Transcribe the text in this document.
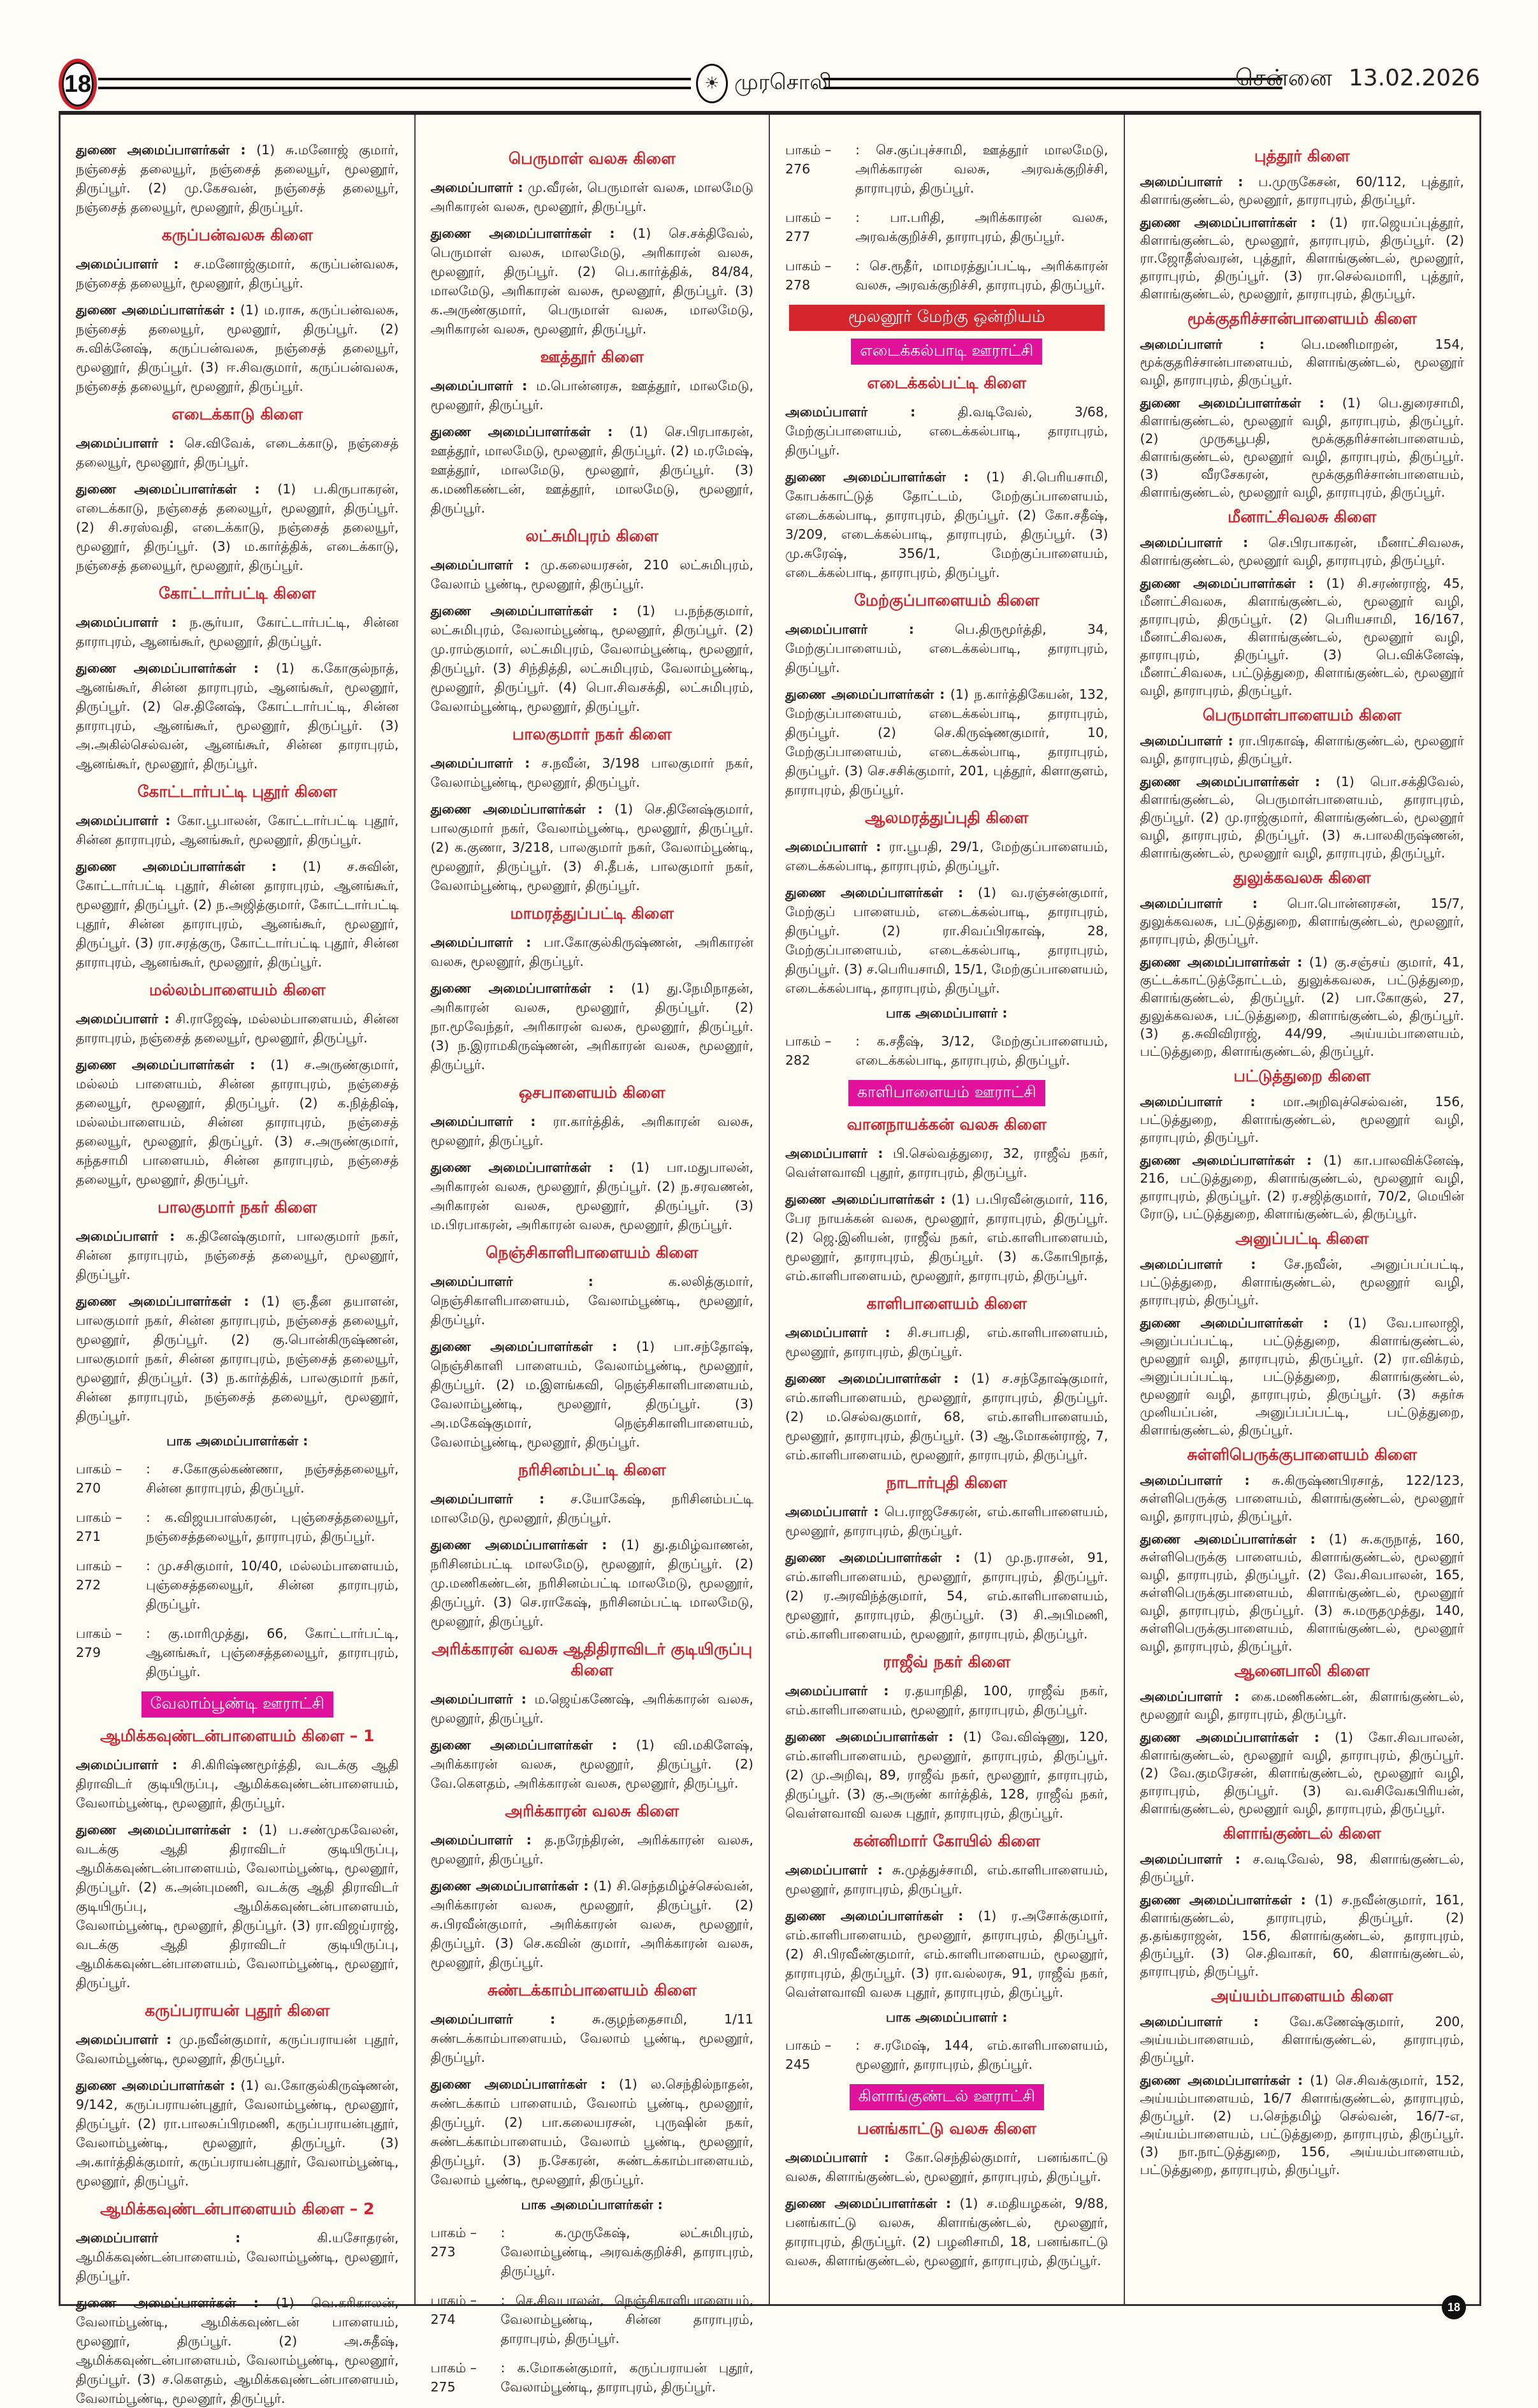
18	☀ முரசொலி	சென்னை 13.02.2026

துணை அமைப்பாளர்கள் : (1) சு.மனோஜ் குமார், நஞ்சைத் தலையூர், நஞ்சைத் தலையூர், மூலனூர், திருப்பூர். (2) மு.கேசவன், நஞ்சைத் தலையூர், நஞ்சைத் தலையூர், மூலனூர், திருப்பூர்.

கருப்பன்வலசு கிளை

அமைப்பாளர் : ச.மனோஜ்குமார், கருப்பன்வலசு, நஞ்சைத் தலையூர், மூலனூர், திருப்பூர்.

துணை அமைப்பாளர்கள் : (1) ம.ராசு, கருப்பன்வலசு, நஞ்சைத் தலையூர், மூலனூர், திருப்பூர். (2) சு.விக்னேஷ், கருப்பன்வலசு, நஞ்சைத் தலையூர், மூலனூர், திருப்பூர். (3) ஈ.சிவகுமார், கருப்பன்வலசு, நஞ்சைத் தலையூர், மூலனூர், திருப்பூர்.

எடைக்காடு கிளை

அமைப்பாளர் : செ.விவேக், எடைக்காடு, நஞ்சைத் தலையூர், மூலனூர், திருப்பூர்.

துணை அமைப்பாளர்கள் : (1) ப.கிருபாகரன், எடைக்காடு, நஞ்சைத் தலையூர், மூலனூர், திருப்பூர். (2) சி.சரஸ்வதி, எடைக்காடு, நஞ்சைத் தலையூர், மூலனூர், திருப்பூர். (3) ம.கார்த்திக், எடைக்காடு, நஞ்சைத் தலையூர், மூலனூர், திருப்பூர்.

கோட்டார்பட்டி கிளை

அமைப்பாளர் : ந.சூர்யா, கோட்டார்பட்டி, சின்ன தாராபுரம், ஆனங்கூர், மூலனூர், திருப்பூர்.

துணை அமைப்பாளர்கள் : (1) க.கோகுல்நாத், ஆனங்கூர், சின்ன தாராபுரம், ஆனங்கூர், மூலனூர், திருப்பூர். (2) செ.தினேஷ், கோட்டார்பட்டி, சின்ன தாராபுரம், ஆனங்கூர், மூலனூர், திருப்பூர். (3) அ.அகில்செல்வன், ஆனங்கூர், சின்ன தாராபுரம், ஆனங்கூர், மூலனூர், திருப்பூர்.

கோட்டார்பட்டி புதூர் கிளை

அமைப்பாளர் : கோ.பூபாலன், கோட்டார்பட்டி புதூர், சின்ன தாராபுரம், ஆனங்கூர், மூலனூர், திருப்பூர்.

துணை அமைப்பாளர்கள் : (1) ச.சுவின், கோட்டார்பட்டி புதூர், சின்ன தாராபுரம், ஆனங்கூர், மூலனூர், திருப்பூர். (2) ந.அஜித்குமார், கோட்டார்பட்டி புதூர், சின்ன தாராபுரம், ஆனங்கூர், மூலனூர், திருப்பூர். (3) ரா.சரத்குரு, கோட்டார்பட்டி புதூர், சின்ன தாராபுரம், ஆனங்கூர், மூலனூர், திருப்பூர்.

மல்லம்பாளையம் கிளை

அமைப்பாளர் : சி.ராஜேஷ், மல்லம்பாளையம், சின்ன தாராபுரம், நஞ்சைத் தலையூர், மூலனூர், திருப்பூர்.

துணை அமைப்பாளர்கள் : (1) ச.அருண்குமார், மல்லம் பாளையம், சின்ன தாராபுரம், நஞ்சைத் தலையூர், மூலனூர், திருப்பூர். (2) க.நித்திஷ், மல்லம்பாளையம், சின்ன தாராபுரம், நஞ்சைத் தலையூர், மூலனூர், திருப்பூர். (3) ச.அருண்குமார், கந்தசாமி பாளையம், சின்ன தாராபுரம், நஞ்சைத் தலையூர், மூலனூர், திருப்பூர்.

பாலகுமார் நகர் கிளை

அமைப்பாளர் : க.தினேஷ்குமார், பாலகுமார் நகர், சின்ன தாராபுரம், நஞ்சைத் தலையூர், மூலனூர், திருப்பூர்.

துணை அமைப்பாளர்கள் : (1) ஞ.தீன தயாளன், பாலகுமார் நகர், சின்ன தாராபுரம், நஞ்சைத் தலையூர், மூலனூர், திருப்பூர். (2) கு.பொன்கிருஷ்ணன், பாலகுமார் நகர், சின்ன தாராபுரம், நஞ்சைத் தலையூர், மூலனூர், திருப்பூர். (3) ந.கார்த்திக், பாலகுமார் நகர், சின்ன தாராபுரம், நஞ்சைத் தலையூர், மூலனூர், திருப்பூர்.

பாக அமைப்பாளர்கள் :
பாகம் – 270
: ச.கோகுல்கண்ணா, நஞ்சத்தலையூர், சின்ன தாராபுரம், திருப்பூர்.
பாகம் – 271
: க.விஜயபாஸ்கரன், புஞ்சைத்தலையூர், நஞ்சைத்தலையூர், தாராபுரம், திருப்பூர்.
பாகம் – 272
: மு.சசிகுமார், 10/40, மல்லம்பாளையம், புஞ்சைத்தலையூர், சின்ன தாராபுரம், திருப்பூர்.
பாகம் – 279
: கு.மாரிமுத்து, 66, கோட்டார்பட்டி, ஆனங்கூர், புஞ்சைத்தலையூர், தாராபுரம், திருப்பூர்.
வேலாம்பூண்டி ஊராட்சி
ஆமிக்கவுண்டன்பாளையம் கிளை – 1

அமைப்பாளர் : சி.கிரிஷ்ணமூர்த்தி, வடக்கு ஆதி திராவிடர் குடியிருப்பு, ஆமிக்கவுண்டன்பாளையம், வேலாம்பூண்டி, மூலனூர், திருப்பூர்.

துணை அமைப்பாளர்கள் : (1) ப.சண்முகவேலன், வடக்கு ஆதி திராவிடர் குடியிருப்பு, ஆமிக்கவுண்டன்பாளையம், வேலாம்பூண்டி, மூலனூர், திருப்பூர். (2) க.அன்புமணி, வடக்கு ஆதி திராவிடர் குடியிருப்பு, ஆமிக்கவுண்டன்பாளையம், வேலாம்பூண்டி, மூலனூர், திருப்பூர். (3) ரா.விஜய்ராஜ், வடக்கு ஆதி திராவிடர் குடியிருப்பு, ஆமிக்கவுண்டன்பாளையம், வேலாம்பூண்டி, மூலனூர், திருப்பூர்.

கருப்பராயன் புதூர் கிளை

அமைப்பாளர் : மு.நவீன்குமார், கருப்பராயன் புதூர், வேலாம்பூண்டி, மூலனூர், திருப்பூர்.

துணை அமைப்பாளர்கள் : (1) வ.கோகுல்கிருஷ்ணன், 9/142, கருப்பராயன்புதூர், வேலாம்பூண்டி, மூலனூர், திருப்பூர். (2) ரா.பாலசுப்பிரமணி, கருப்பராயன்புதூர், வேலாம்பூண்டி, மூலனூர், திருப்பூர். (3) அ.கார்த்திக்குமார், கருப்பராயன்புதூர், வேலாம்பூண்டி, மூலனூர், திருப்பூர்.

ஆமிக்கவுண்டன்பாளையம் கிளை – 2

அமைப்பாளர் : கி.யசோதரன், ஆமிக்கவுண்டன்பாளையம், வேலாம்பூண்டி, மூலனூர், திருப்பூர்.

துணை அமைப்பாளர்கள் : (1) வெ.கரிகாலன், வேலாம்பூண்டி, ஆமிக்கவுண்டன் பாளையம், மூலனூர், திருப்பூர். (2) அ.சுதீஷ், ஆமிக்கவுண்டன்பாளையம், வேலாம்பூண்டி, மூலனூர், திருப்பூர். (3) ச.கௌதம், ஆமிக்கவுண்டன்பாளையம், வேலாம்பூண்டி, மூலனூர், திருப்பூர்.

பெருமாள் வலசு கிளை

அமைப்பாளர் : மு.வீரன், பெருமாள் வலசு, மாலமேடு அரிகாரன் வலசு, மூலனூர், திருப்பூர்.

துணை அமைப்பாளர்கள் : (1) செ.சக்திவேல், பெருமாள் வலசு, மாலமேடு, அரிகாரன் வலசு, மூலனூர், திருப்பூர். (2) பெ.கார்த்திக், 84/84, மாலமேடு, அரிகாரன் வலசு, மூலனூர், திருப்பூர். (3) க.அருண்குமார், பெருமாள் வலசு, மாலமேடு, அரிகாரன் வலசு, மூலனூர், திருப்பூர்.

ஊத்தூர் கிளை

அமைப்பாளர் : ம.பொன்னரசு, ஊத்தூர், மாலமேடு, மூலனூர், திருப்பூர்.

துணை அமைப்பாளர்கள் : (1) செ.பிரபாகரன், ஊத்தூர், மாலமேடு, மூலனூர், திருப்பூர். (2) ம.ரமேஷ், ஊத்தூர், மாலமேடு, மூலனூர், திருப்பூர். (3) க.மணிகண்டன், ஊத்தூர், மாலமேடு, மூலனூர், திருப்பூர்.

லட்சுமிபுரம் கிளை

அமைப்பாளர் : மு.கலையரசன், 210 லட்சுமிபுரம், வேலாம் பூண்டி, மூலனூர், திருப்பூர்.

துணை அமைப்பாளர்கள் : (1) ப.நந்தகுமார், லட்சுமிபுரம், வேலாம்பூண்டி, மூலனூர், திருப்பூர். (2) மு.ராம்குமார், லட்சுமிபுரம், வேலாம்பூண்டி, மூலனூர், திருப்பூர். (3) சிந்தித்தி, லட்சுமிபுரம், வேலாம்பூண்டி, மூலனூர், திருப்பூர். (4) பொ.சிவசக்தி, லட்சுமிபுரம், வேலாம்பூண்டி, மூலனூர், திருப்பூர்.

பாலகுமார் நகர் கிளை

அமைப்பாளர் : ச.நவீன், 3/198 பாலகுமார் நகர், வேலாம்பூண்டி, மூலனூர், திருப்பூர்.

துணை அமைப்பாளர்கள் : (1) செ.தினேஷ்குமார், பாலகுமார் நகர், வேலாம்பூண்டி, மூலனூர், திருப்பூர். (2) க.குணா, 3/218, பாலகுமார் நகர், வேலாம்பூண்டி, மூலனூர், திருப்பூர். (3) சி.தீபக், பாலகுமார் நகர், வேலாம்பூண்டி, மூலனூர், திருப்பூர்.

மாமரத்துப்பட்டி கிளை

அமைப்பாளர் : பா.கோகுல்கிருஷ்ணன், அரிகாரன் வலசு, மூலனூர், திருப்பூர்.

துணை அமைப்பாளர்கள் : (1) து.நேமிநாதன், அரிகாரன் வலசு, மூலனூர், திருப்பூர். (2) நா.மூவேந்தர், அரிகாரன் வலசு, மூலனூர், திருப்பூர். (3) ந.இராமகிருஷ்ணன், அரிகாரன் வலசு, மூலனூர், திருப்பூர்.

ஒசபாளையம் கிளை

அமைப்பாளர் : ரா.கார்த்திக், அரிகாரன் வலசு, மூலனூர், திருப்பூர்.

துணை அமைப்பாளர்கள் : (1) பா.மதுபாலன், அரிகாரன் வலசு, மூலனூர், திருப்பூர். (2) ந.சரவணன், அரிகாரன் வலசு, மூலனூர், திருப்பூர். (3) ம.பிரபாகரன், அரிகாரன் வலசு, மூலனூர், திருப்பூர்.

நெஞ்சிகாளிபாளையம் கிளை

அமைப்பாளர் : க.லலித்குமார், நெஞ்சிகாளிபாளையம், வேலாம்பூண்டி, மூலனூர், திருப்பூர்.

துணை அமைப்பாளர்கள் : (1) பா.சந்தோஷ், நெஞ்சிகாளி பாளையம், வேலாம்பூண்டி, மூலனூர், திருப்பூர். (2) ம.இளங்கவி, நெஞ்சிகாளிபாளையம், வேலாம்பூண்டி, மூலனூர், திருப்பூர். (3) அ.மகேஷ்குமார், நெஞ்சிகாளிபாளையம், வேலாம்பூண்டி, மூலனூர், திருப்பூர்.

நரிசினம்பட்டி கிளை

அமைப்பாளர் : ச.யோகேஷ், நரிசினம்பட்டி மாலமேடு, மூலனூர், திருப்பூர்.

துணை அமைப்பாளர்கள் : (1) து.தமிழ்வாணன், நரிசினம்பட்டி மாலமேடு, மூலனூர், திருப்பூர். (2) மு.மணிகண்டன், நரிசினம்பட்டி மாலமேடு, மூலனூர், திருப்பூர். (3) செ.ராகேஷ், நரிசினம்பட்டி மாலமேடு, மூலனூர், திருப்பூர்.

அரிக்காரன் வலசு ஆதிதிராவிடர் குடியிருப்பு கிளை

அமைப்பாளர் : ம.ஜெய்கணேஷ், அரிக்காரன் வலசு, மூலனூர், திருப்பூர்.

துணை அமைப்பாளர்கள் : (1) வி.மகிளேஷ், அரிக்காரன் வலசு, மூலனூர், திருப்பூர். (2) வே.கௌதம், அரிக்காரன் வலசு, மூலனூர், திருப்பூர்.

அரிக்காரன் வலசு கிளை

அமைப்பாளர் : த.நரேந்திரன், அரிக்காரன் வலசு, மூலனூர், திருப்பூர்.

துணை அமைப்பாளர்கள் : (1) சி.செந்தமிழ்ச்செல்வன், அரிக்காரன் வலசு, மூலனூர், திருப்பூர். (2) சு.பிரவீன்குமார், அரிக்காரன் வலசு, மூலனூர், திருப்பூர். (3) செ.கவின் குமார், அரிக்காரன் வலசு, மூலனூர், திருப்பூர்.

சுண்டக்காம்பாளையம் கிளை

அமைப்பாளர் : சு.குழந்தைசாமி, 1/11 சுண்டக்காம்பாளையம், வேலாம் பூண்டி, மூலனூர், திருப்பூர்.

துணை அமைப்பாளர்கள் : (1) ல.செந்தில்நாதன், சுண்டக்காம் பாளையம், வேலாம் பூண்டி, மூலனூர், திருப்பூர். (2) பா.கலையரசன், புருஷின் நகர், சுண்டக்காம்பாளையம், வேலாம் பூண்டி, மூலனூர், திருப்பூர். (3) ந.சேகரன், சுண்டக்காம்பாளையம், வேலாம் பூண்டி, மூலனூர், திருப்பூர்.

பாக அமைப்பாளர்கள் :
பாகம் – 273
: க.முருகேஷ், லட்சுமிபுரம், வேலாம்பூண்டி, அரவக்குறிச்சி, தாராபுரம், திருப்பூர்.
பாகம் – 274
: செ.சிவபாலன், நெஞ்சிகாளிபாளையம், வேலாம்பூண்டி, சின்ன தாராபுரம், தாராபுரம், திருப்பூர்.
பாகம் – 275
: க.மோகன்குமார், கருப்பராயன் புதூர், வேலாம்பூண்டி, தாராபுரம், திருப்பூர்.
பாகம் – 276
: செ.குப்புச்சாமி, ஊத்தூர் மாலமேடு, அரிக்காரன் வலசு, அரவக்குறிச்சி, தாராபுரம், திருப்பூர்.
பாகம் – 277
: பா.பரிதி, அரிக்காரன் வலசு, அரவக்குறிச்சி, தாராபுரம், திருப்பூர்.
பாகம் – 278
: செ.ரூதீர், மாமரத்துப்பட்டி, அரிக்காரன் வலசு, அரவக்குறிச்சி, தாராபுரம், திருப்பூர்.
மூலனூர் மேற்கு ஒன்றியம்
எடைக்கல்பாடி ஊராட்சி
எடைக்கல்பட்டி கிளை

அமைப்பாளர் : தி.வடிவேல், 3/68, மேற்குப்பாளையம், எடைக்கல்பாடி, தாராபுரம், திருப்பூர்.

துணை அமைப்பாளர்கள் : (1) சி.பெரியசாமி, கோபக்காட்டுத் தோட்டம், மேற்குப்பாளையம், எடைக்கல்பாடி, தாராபுரம், திருப்பூர். (2) கோ.சதீஷ், 3/209, எடைக்கல்பாடி, தாராபுரம், திருப்பூர். (3) மு.சுரேஷ், 356/1, மேற்குப்பாளையம், எடைக்கல்பாடி, தாராபுரம், திருப்பூர்.

மேற்குப்பாளையம் கிளை

அமைப்பாளர் : பெ.திருமூர்த்தி, 34, மேற்குப்பாளையம், எடைக்கல்பாடி, தாராபுரம், திருப்பூர்.

துணை அமைப்பாளர்கள் : (1) ந.கார்த்திகேயன், 132, மேற்குப்பாளையம், எடைக்கல்பாடி, தாராபுரம், திருப்பூர். (2) செ.கிருஷ்ணகுமார், 10, மேற்குப்பாளையம், எடைக்கல்பாடி, தாராபுரம், திருப்பூர். (3) செ.சசிக்குமார், 201, புத்தூர், கிளாகுளம், தாராபுரம், திருப்பூர்.

ஆலமரத்துப்புதி கிளை

அமைப்பாளர் : ரா.பூபதி, 29/1, மேற்குப்பாளையம், எடைக்கல்பாடி, தாராபுரம், திருப்பூர்.

துணை அமைப்பாளர்கள் : (1) வ.ரஞ்சன்குமார், மேற்குப் பாளையம், எடைக்கல்பாடி, தாராபுரம், திருப்பூர். (2) ரா.சிவப்பிரகாஷ், 28, மேற்குப்பாளையம், எடைக்கல்பாடி, தாராபுரம், திருப்பூர். (3) ச.பெரியசாமி, 15/1, மேற்குப்பாளையம், எடைக்கல்பாடி, தாராபுரம், திருப்பூர்.

பாக அமைப்பாளர் :
பாகம் – 282
: க.சதீஷ், 3/12, மேற்குப்பாளையம், எடைக்கல்பாடி, தாராபுரம், திருப்பூர்.
காளிபாளையம் ஊராட்சி
வானநாயக்கன் வலசு கிளை

அமைப்பாளர் : பி.செல்வத்துரை, 32, ராஜீவ் நகர், வெள்ளவாவி புதூர், தாராபுரம், திருப்பூர்.

துணை அமைப்பாளர்கள் : (1) ப.பிரவீன்குமார், 116, பேர நாயக்கன் வலசு, மூலனூர், தாராபுரம், திருப்பூர். (2) ஜெ.இனியன், ராஜீவ் நகர், எம்.காளிபாளையம், மூலனூர், தாராபுரம், திருப்பூர். (3) க.கோபிநாத், எம்.காளிபாளையம், மூலனூர், தாராபுரம், திருப்பூர்.

காளிபாளையம் கிளை

அமைப்பாளர் : சி.சபாபதி, எம்.காளிபாளையம், மூலனூர், தாராபுரம், திருப்பூர்.

துணை அமைப்பாளர்கள் : (1) ச.சந்தோஷ்குமார், எம்.காளிபாளையம், மூலனூர், தாராபுரம், திருப்பூர். (2) ம.செல்வகுமார், 68, எம்.காளிபாளையம், மூலனூர், தாராபுரம், திருப்பூர். (3) ஆ.மோகன்ராஜ், 7, எம்.காளிபாளையம், மூலனூர், தாராபுரம், திருப்பூர்.

நாடார்புதி கிளை

அமைப்பாளர் : பெ.ராஜசேகரன், எம்.காளிபாளையம், மூலனூர், தாராபுரம், திருப்பூர்.

துணை அமைப்பாளர்கள் : (1) மு.ந.ராசன், 91, எம்.காளிபாளையம், மூலனூர், தாராபுரம், திருப்பூர். (2) ர.அரவிந்த்குமார், 54, எம்.காளிபாளையம், மூலனூர், தாராபுரம், திருப்பூர். (3) சி.அபிமணி, எம்.காளிபாளையம், மூலனூர், தாராபுரம், திருப்பூர்.

ராஜீவ் நகர் கிளை

அமைப்பாளர் : ர.தயாநிதி, 100, ராஜீவ் நகர், எம்.காளிபாளையம், மூலனூர், தாராபுரம், திருப்பூர்.

துணை அமைப்பாளர்கள் : (1) வே.விஷ்ணு, 120, எம்.காளிபாளையம், மூலனூர், தாராபுரம், திருப்பூர். (2) மு.அறிவு, 89, ராஜீவ் நகர், மூலனூர், தாராபுரம், திருப்பூர். (3) கு.அருண் கார்த்திக், 128, ராஜீவ் நகர், வெள்ளவாவி வலசு புதூர், தாராபுரம், திருப்பூர்.

கன்னிமார் கோயில் கிளை

அமைப்பாளர் : சு.முத்துச்சாமி, எம்.காளிபாளையம், மூலனூர், தாராபுரம், திருப்பூர்.

துணை அமைப்பாளர்கள் : (1) ர.அசோக்குமார், எம்.காளிபாளையம், மூலனூர், தாராபுரம், திருப்பூர். (2) சி.பிரவீண்குமார், எம்.காளிபாளையம், மூலனூர், தாராபுரம், திருப்பூர். (3) ரா.வல்லரசு, 91, ராஜீவ் நகர், வெள்ளவாவி வலசு புதூர், தாராபுரம், திருப்பூர்.

பாக அமைப்பாளர் :
பாகம் – 245
: ச.ரமேஷ், 144, எம்.காளிபாளையம், மூலனூர், தாராபுரம், திருப்பூர்.
கிளாங்குண்டல் ஊராட்சி
பனங்காட்டு வலசு கிளை

அமைப்பாளர் : கோ.செந்தில்குமார், பனங்காட்டு வலசு, கிளாங்குண்டல், மூலனூர், தாராபுரம், திருப்பூர்.

துணை அமைப்பாளர்கள் : (1) ச.மதியழகன், 9/88, பனங்காட்டு வலசு, கிளாங்குண்டல், மூலனூர், தாராபுரம், திருப்பூர். (2) பழனிசாமி, 18, பனங்காட்டு வலசு, கிளாங்குண்டல், மூலனூர், தாராபுரம், திருப்பூர்.

புத்தூர் கிளை

அமைப்பாளர் : ப.முருகேசன், 60/112, புத்தூர், கிளாங்குண்டல், மூலனூர், தாராபுரம், திருப்பூர்.

துணை அமைப்பாளர்கள் : (1) ரா.ஜெயப்புத்தூர், கிளாங்குண்டல், மூலனூர், தாராபுரம், திருப்பூர். (2) ரா.ஜோதீஸ்வரன், புத்தூர், கிளாங்குண்டல், மூலனூர், தாராபுரம், திருப்பூர். (3) ரா.செல்வமாரி, புத்தூர், கிளாங்குண்டல், மூலனூர், தாராபுரம், திருப்பூர்.

மூக்குதரிச்சான்பாளையம் கிளை

அமைப்பாளர் : பெ.மணிமாறன், 154, மூக்குதரிச்சான்பாளையம், கிளாங்குண்டல், மூலனூர் வழி, தாராபுரம், திருப்பூர்.

துணை அமைப்பாளர்கள் : (1) பெ.துரைசாமி, கிளாங்குண்டல், மூலனூர் வழி, தாராபுரம், திருப்பூர். (2) முருகபூபதி, மூக்குதரிச்சான்பாளையம், கிளாங்குண்டல், மூலனூர் வழி, தாராபுரம், திருப்பூர். (3) வீரசேகரன், மூக்குதரிச்சான்பாளையம், கிளாங்குண்டல், மூலனூர் வழி, தாராபுரம், திருப்பூர்.

மீனாட்சிவலசு கிளை

அமைப்பாளர் : செ.பிரபாகரன், மீனாட்சிவலசு, கிளாங்குண்டல், மூலனூர் வழி, தாராபுரம், திருப்பூர்.

துணை அமைப்பாளர்கள் : (1) சி.சரண்ராஜ், 45, மீனாட்சிவலசு, கிளாங்குண்டல், மூலனூர் வழி, தாராபுரம், திருப்பூர். (2) பெரியசாமி, 16/167, மீனாட்சிவலசு, கிளாங்குண்டல், மூலனூர் வழி, தாராபுரம், திருப்பூர். (3) பெ.விக்னேஷ், மீனாட்சிவலசு, பட்டுத்துறை, கிளாங்குண்டல், மூலனூர் வழி, தாராபுரம், திருப்பூர்.

பெருமாள்பாளையம் கிளை

அமைப்பாளர் : ரா.பிரகாஷ், கிளாங்குண்டல், மூலனூர் வழி, தாராபுரம், திருப்பூர்.

துணை அமைப்பாளர்கள் : (1) பொ.சக்திவேல், கிளாங்குண்டல், பெருமாள்பாளையம், தாராபுரம், திருப்பூர். (2) மு.ராஜ்குமார், கிளாங்குண்டல், மூலனூர் வழி, தாராபுரம், திருப்பூர். (3) சு.பாலகிருஷ்ணன், கிளாங்குண்டல், மூலனூர் வழி, தாராபுரம், திருப்பூர்.

துலுக்கவலசு கிளை

அமைப்பாளர் : பொ.பொன்னரசன், 15/7, துலுக்கவலசு, பட்டுத்துறை, கிளாங்குண்டல், மூலனூர், தாராபுரம், திருப்பூர்.

துணை அமைப்பாளர்கள் : (1) கு.சஞ்சய் குமார், 41, குட்டக்காட்டுத்தோட்டம், துலுக்கவலசு, பட்டுத்துறை, கிளாங்குண்டல், திருப்பூர். (2) பா.கோகுல், 27, துலுக்கவலசு, பட்டுத்துறை, கிளாங்குண்டல், திருப்பூர். (3) த.சுவிவிராஜ், 44/99, அய்யம்பாளையம், பட்டுத்துறை, கிளாங்குண்டல், திருப்பூர்.

பட்டுத்துறை கிளை

அமைப்பாளர் : மா.அறிவுச்செல்வன், 156, பட்டுத்துறை, கிளாங்குண்டல், மூலனூர் வழி, தாராபுரம், திருப்பூர்.

துணை அமைப்பாளர்கள் : (1) கா.பாலவிக்னேஷ், 216, பட்டுத்துறை, கிளாங்குண்டல், மூலனூர் வழி, தாராபுரம், திருப்பூர். (2) ர.சஜித்குமார், 70/2, மெயின் ரோடு, பட்டுத்துறை, கிளாங்குண்டல், திருப்பூர்.

அனுப்பட்டி கிளை

அமைப்பாளர் : சே.நவீன், அனுப்பப்பட்டி, பட்டுத்துறை, கிளாங்குண்டல், மூலனூர் வழி, தாராபுரம், திருப்பூர்.

துணை அமைப்பாளர்கள் : (1) வே.பாலாஜி, அனுப்பப்பட்டி, பட்டுத்துறை, கிளாங்குண்டல், மூலனூர் வழி, தாராபுரம், திருப்பூர். (2) ரா.விக்ரம், அனுப்பப்பட்டி, பட்டுத்துறை, கிளாங்குண்டல், மூலனூர் வழி, தாராபுரம், திருப்பூர். (3) சுதர்சு முனியப்பன், அனுப்பப்பட்டி, பட்டுத்துறை, கிளாங்குண்டல், திருப்பூர்.

சுள்ளிபெருக்குபாளையம் கிளை

அமைப்பாளர் : சு.கிருஷ்ணபிரசாத், 122/123, சுள்ளிபெருக்கு பாளையம், கிளாங்குண்டல், மூலனூர் வழி, தாராபுரம், திருப்பூர்.

துணை அமைப்பாளர்கள் : (1) சு.கருநாத், 160, சுள்ளிபெருக்கு பாளையம், கிளாங்குண்டல், மூலனூர் வழி, தாராபுரம், திருப்பூர். (2) வே.சிவபாலன், 165, சுள்ளிபெருக்குபாளையம், கிளாங்குண்டல், மூலனூர் வழி, தாராபுரம், திருப்பூர். (3) சு.மருதமுத்து, 140, சுள்ளிபெருக்குபாளையம், கிளாங்குண்டல், மூலனூர் வழி, தாராபுரம், திருப்பூர்.

ஆனைபாலி கிளை

அமைப்பாளர் : கை.மணிகண்டன், கிளாங்குண்டல், மூலனூர் வழி, தாராபுரம், திருப்பூர்.

துணை அமைப்பாளர்கள் : (1) கோ.சிவபாலன், கிளாங்குண்டல், மூலனூர் வழி, தாராபுரம், திருப்பூர். (2) வே.குமரேசன், கிளாங்குண்டல், மூலனூர் வழி, தாராபுரம், திருப்பூர். (3) வ.வசிவேகபிரியன், கிளாங்குண்டல், மூலனூர் வழி, தாராபுரம், திருப்பூர்.

கிளாங்குண்டல் கிளை

அமைப்பாளர் : ச.வடிவேல், 98, கிளாங்குண்டல், திருப்பூர்.

துணை அமைப்பாளர்கள் : (1) ச.நவீன்குமார், 161, கிளாங்குண்டல், தாராபுரம், திருப்பூர். (2) த.தங்கராஜன், 156, கிளாங்குண்டல், தாராபுரம், திருப்பூர். (3) செ.திவாகர், 60, கிளாங்குண்டல், தாராபுரம், திருப்பூர்.

அய்யம்பாளையம் கிளை

அமைப்பாளர் : வே.கணேஷ்குமார், 200, அய்யம்பாளையம், கிளாங்குண்டல், தாராபுரம், திருப்பூர்.

துணை அமைப்பாளர்கள் : (1) செ.சிவக்குமார், 152, அய்யம்பாளையம், 16/7 கிளாங்குண்டல், தாராபுரம், திருப்பூர். (2) ப.செந்தமிழ் செல்வன், 16/7-எ, அய்யம்பாளையம், பட்டுத்துறை, தாராபுரம், திருப்பூர். (3) நா.நாட்டுத்துறை, 156, அய்யம்பாளையம், பட்டுத்துறை, தாராபுரம், திருப்பூர்.

18
